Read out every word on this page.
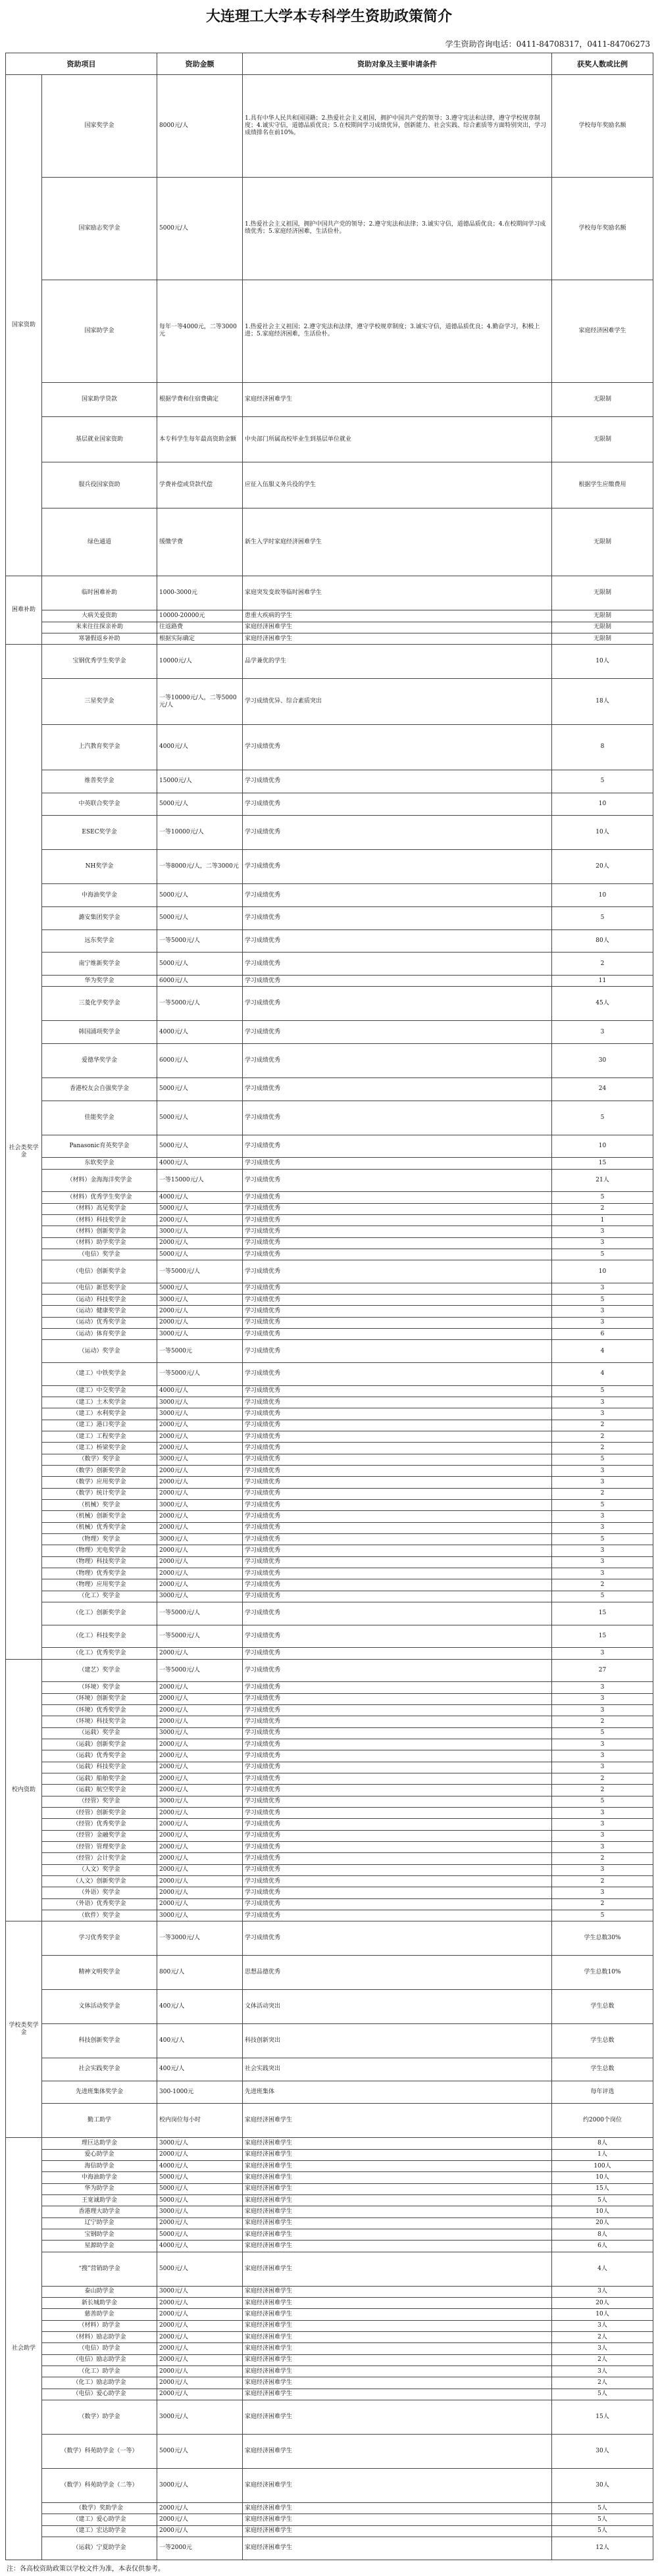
大连理工大学本专科学生资助政策简介
学生资助咨询电话：0411-84708317，0411-84706273
资助项目		资助金额	资助对象及主要申请条件	获奖人数或比例
国家资助	国家奖学金	8000元/人	1.具有中华人民共和国国籍；2.热爱社会主义祖国，拥护中国共产党的领导；3.遵守宪法和法律，遵守学校规章制度；4.诚实守信，道德品质优良；5.在校期间学习成绩优异，创新能力、社会实践、综合素质等方面特别突出，学习成绩排名在前10%。	学校每年奖励名额
	国家励志奖学金	5000元/人	1.热爱社会主义祖国，拥护中国共产党的领导；2.遵守宪法和法律；3.诚实守信，道德品质优良；4.在校期间学习成绩优秀；5.家庭经济困难，生活俭朴。	学校每年奖励名额
	国家助学金	每年一等4000元，二等3000元	1.热爱社会主义祖国；2.遵守宪法和法律，遵守学校规章制度；3.诚实守信，道德品质优良；4.勤奋学习，积极上进；5.家庭经济困难，生活俭朴。	家庭经济困难学生
	国家助学贷款	根据学费和住宿费确定	家庭经济困难学生	无限制
	基层就业国家资助	本专科学生每年最高资助金额	中央部门所属高校毕业生到基层单位就业	无限制
	服兵役国家资助	学费补偿或贷款代偿	应征入伍服义务兵役的学生	根据学生应缴费用
	绿色通道	缓缴学费	新生入学时家庭经济困难学生	无限制
困难补助	临时困难补助	1000-3000元	家庭突发变故等临时困难学生	无限制
	大病关爱资助	10000-20000元	患重大疾病的学生	无限制
	来来往往探亲补助	往返路费	家庭经济困难学生	无限制
	寒暑假返乡补助	根据实际确定	家庭经济困难学生	无限制
社会类奖学金	宝钢优秀学生奖学金	10000元/人	品学兼优的学生	10人
	三星奖学金	一等10000元/人，二等5000元/人	学习成绩优异、综合素质突出	18人
	上汽教育奖学金	4000元/人	学习成绩优秀	8
	维普奖学金	15000元/人	学习成绩优秀	5
	中英联合奖学金	5000元/人	学习成绩优秀	10
	ESEC奖学金	一等10000元/人	学习成绩优秀	10人
	NH奖学金	一等8000元/人，二等3000元	学习成绩优秀	20人
	中海油奖学金	5000元/人	学习成绩优秀	10
	潞安集团奖学金	5000元/人	学习成绩优秀	5
	远东奖学金	一等5000元/人	学习成绩优秀	80人
	南宁维新奖学金	5000元/人	学习成绩优秀	2
	华为奖学金	6000元/人	学习成绩优秀	11
	三菱化学奖学金	一等5000元/人	学习成绩优秀	45人
	韩国浦项奖学金	4000元/人	学习成绩优秀	3
	爱德华奖学金	6000元/人	学习成绩优秀	30
	香港校友会自强奖学金	5000元/人	学习成绩优秀	24
	佳能奖学金	5000元/人	学习成绩优秀	5
	Panasonic育英奖学金	5000元/人	学习成绩优秀	10
	东软奖学金	4000元/人	学习成绩优秀	15
	（材料）金海海洋奖学金	一等15000元/人	学习成绩优秀	21人
	（材料）优秀学生奖学金	4000元/人	学习成绩优秀	5
	（材料）高见奖学金	5000元/人	学习成绩优秀	2
	（材料）科技奖学金	2000元/人	学习成绩优秀	1
	（材料）创新奖学金	3000元/人	学习成绩优秀	3
	（材料）助学奖学金	2000元/人	学习成绩优秀	3
	（电信）奖学金	5000元/人	学习成绩优秀	5
	（电信）创新奖学金	一等5000元/人	学习成绩优秀	10
	（电信）新思奖学金	5000元/人	学习成绩优秀	3
	（运动）科技奖学金	3000元/人	学习成绩优秀	5
	（运动）健康奖学金	2000元/人	学习成绩优秀	3
	（运动）优秀奖学金	2000元/人	学习成绩优秀	3
	（运动）体育奖学金	3000元/人	学习成绩优秀	6
	（运动）奖学金	一等5000元	学习成绩优秀	4
	（建工）中铁奖学金	一等5000元/人	学习成绩优秀	4
	（建工）中交奖学金	4000元/人	学习成绩优秀	5
	（建工）土木奖学金	3000元/人	学习成绩优秀	3
	（建工）水利奖学金	3000元/人	学习成绩优秀	3
	（建工）港口奖学金	2000元/人	学习成绩优秀	2
	（建工）工程奖学金	2000元/人	学习成绩优秀	2
	（建工）桥梁奖学金	2000元/人	学习成绩优秀	2
	（数学）奖学金	3000元/人	学习成绩优秀	5
	（数学）创新奖学金	2000元/人	学习成绩优秀	3
	（数学）应用奖学金	2000元/人	学习成绩优秀	3
	（数学）统计奖学金	2000元/人	学习成绩优秀	2
	（机械）奖学金	3000元/人	学习成绩优秀	5
	（机械）创新奖学金	2000元/人	学习成绩优秀	3
	（机械）优秀奖学金	2000元/人	学习成绩优秀	3
	（物理）奖学金	3000元/人	学习成绩优秀	5
	（物理）光电奖学金	2000元/人	学习成绩优秀	3
	（物理）科技奖学金	2000元/人	学习成绩优秀	3
	（物理）优秀奖学金	2000元/人	学习成绩优秀	3
	（物理）应用奖学金	2000元/人	学习成绩优秀	2
	（化工）奖学金	3000元/人	学习成绩优秀	5
	（化工）创新奖学金	一等5000元/人	学习成绩优秀	15
	（化工）科技奖学金	一等5000元/人	学习成绩优秀	15
	（化工）优秀奖学金	2000元/人	学习成绩优秀	3
校内资助	（建艺）奖学金	一等5000元/人	学习成绩优秀	27
	（环境）奖学金	2000元/人	学习成绩优秀	3
	（环境）创新奖学金	2000元/人	学习成绩优秀	3
	（环境）优秀奖学金	2000元/人	学习成绩优秀	3
	（环境）科技奖学金	2000元/人	学习成绩优秀	2
	（运载）奖学金	3000元/人	学习成绩优秀	5
	（运载）创新奖学金	2000元/人	学习成绩优秀	3
	（运载）优秀奖学金	2000元/人	学习成绩优秀	3
	（运载）科技奖学金	2000元/人	学习成绩优秀	3
	（运载）船舶奖学金	2000元/人	学习成绩优秀	2
	（运载）航空奖学金	2000元/人	学习成绩优秀	2
	（经管）奖学金	3000元/人	学习成绩优秀	5
	（经管）创新奖学金	2000元/人	学习成绩优秀	3
	（经管）优秀奖学金	2000元/人	学习成绩优秀	3
	（经管）金融奖学金	2000元/人	学习成绩优秀	3
	（经管）管理奖学金	2000元/人	学习成绩优秀	3
	（经管）会计奖学金	2000元/人	学习成绩优秀	2
	（人文）奖学金	2000元/人	学习成绩优秀	3
	（人文）创新奖学金	2000元/人	学习成绩优秀	2
	（外语）奖学金	2000元/人	学习成绩优秀	3
	（外语）优秀奖学金	2000元/人	学习成绩优秀	2
	（软件）奖学金	3000元/人	学习成绩优秀	5
学校类奖学金	学习优秀奖学金	一等3000元/人	学习成绩优秀	学生总数30%
	精神文明奖学金	800元/人	思想品德优秀	学生总数10%
	文体活动奖学金	400元/人	文体活动突出	学生总数
	科技创新奖学金	400元/人	科技创新突出	学生总数
	社会实践奖学金	400元/人	社会实践突出	学生总数
	先进班集体奖学金	300-1000元	先进班集体	每年评选
	勤工助学	校内岗位每小时	家庭经济困难学生	约2000个岗位
社会助学	理巨达助学金	3000元/人	家庭经济困难学生	8人
	爱心助学金	2000元/人	家庭经济困难学生	1人
	海信助学金	4000元/人	家庭经济困难学生	100人
	中海油助学金	5000元/人	家庭经济困难学生	10人
	华为助学金	5000元/人	家庭经济困难学生	15人
	王宽诚助学金	5000元/人	家庭经济困难学生	5人
	香港理大助学金	3000元/人	家庭经济困难学生	10人
	辽宁助学金	2000元/人	家庭经济困难学生	20人
	宝钢助学金	5000元/人	家庭经济困难学生	8人
	星源助学金	4000元/人	家庭经济困难学生	6人
	“搜”营销助学金	5000元/人	家庭经济困难学生	4人
	泰山助学金	3000元/人	家庭经济困难学生	3人
	新长城助学金	2000元/人	家庭经济困难学生	20人
	慈善助学金	2000元/人	家庭经济困难学生	10人
	（材料）助学金	2000元/人	家庭经济困难学生	3人
	（材料）励志助学金	2000元/人	家庭经济困难学生	2人
	（电信）助学金	2000元/人	家庭经济困难学生	3人
	（电信）励志助学金	2000元/人	家庭经济困难学生	2人
	（化工）助学金	2000元/人	家庭经济困难学生	3人
	（化工）励志助学金	2000元/人	家庭经济困难学生	2人
	（电信）爱心助学金	2000元/人	家庭经济困难学生	5人
	（数学）助学金	3000元/人	家庭经济困难学生	15人
	（数学）科苑助学金（一等）	5000元/人	家庭经济困难学生	30人
	（数学）科苑助学金（二等）	3000元/人	家庭经济困难学生	30人
	（数学）奖助学金	2000元/人	家庭经济困难学生	5人
	（建工）爱心助学金	2000元/人	家庭经济困难学生	5人
	（建工）宏达助学金	2000元/人	家庭经济困难学生	5人
	（运载）宁夏助学金	一等2000元	家庭经济困难学生	12人
注：各高校资助政策以学校文件为准，本表仅供参考。
